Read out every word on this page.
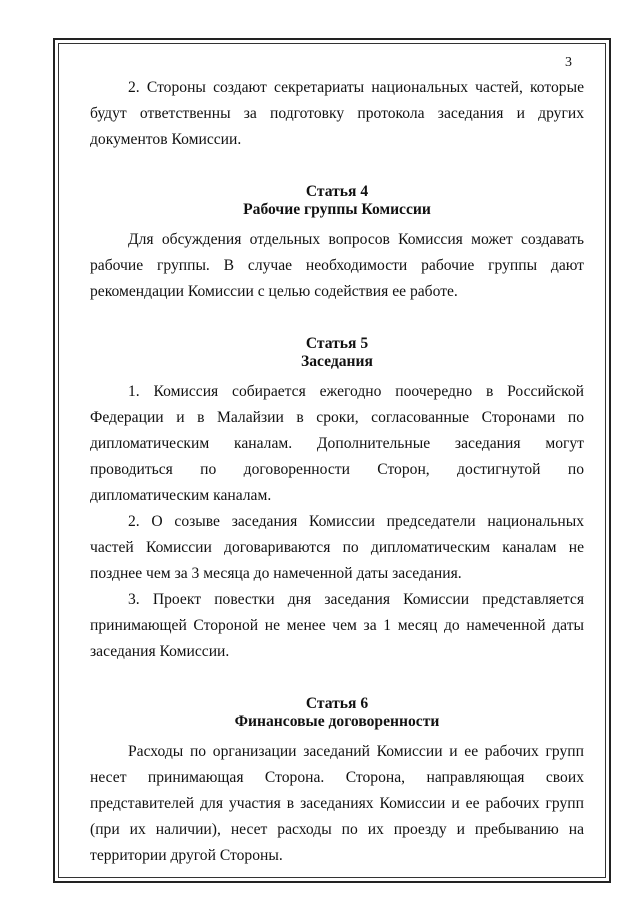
3

2. Стороны создают секретариаты национальных частей, которые будут ответственны за подготовку протокола заседания и других документов Комиссии.

Статья 4
Рабочие группы Комиссии

Для обсуждения отдельных вопросов Комиссия может создавать рабочие группы. В случае необходимости рабочие группы дают рекомендации Комиссии с целью содействия ее работе.

Статья 5
Заседания

1. Комиссия собирается ежегодно поочередно в Российской Федерации и в Малайзии в сроки, согласованные Сторонами по дипломатическим каналам. Дополнительные заседания могут проводиться по договоренности Сторон, достигнутой по дипломатическим каналам.

2. О созыве заседания Комиссии председатели национальных частей Комиссии договариваются по дипломатическим каналам не позднее чем за 3 месяца до намеченной даты заседания.

3. Проект повестки дня заседания Комиссии представляется принимающей Стороной не менее чем за 1 месяц до намеченной даты заседания Комиссии.

Статья 6
Финансовые договоренности

Расходы по организации заседаний Комиссии и ее рабочих групп несет принимающая Сторона. Сторона, направляющая своих представителей для участия в заседаниях Комиссии и ее рабочих групп (при их наличии), несет расходы по их проезду и пребыванию на территории другой Стороны.
